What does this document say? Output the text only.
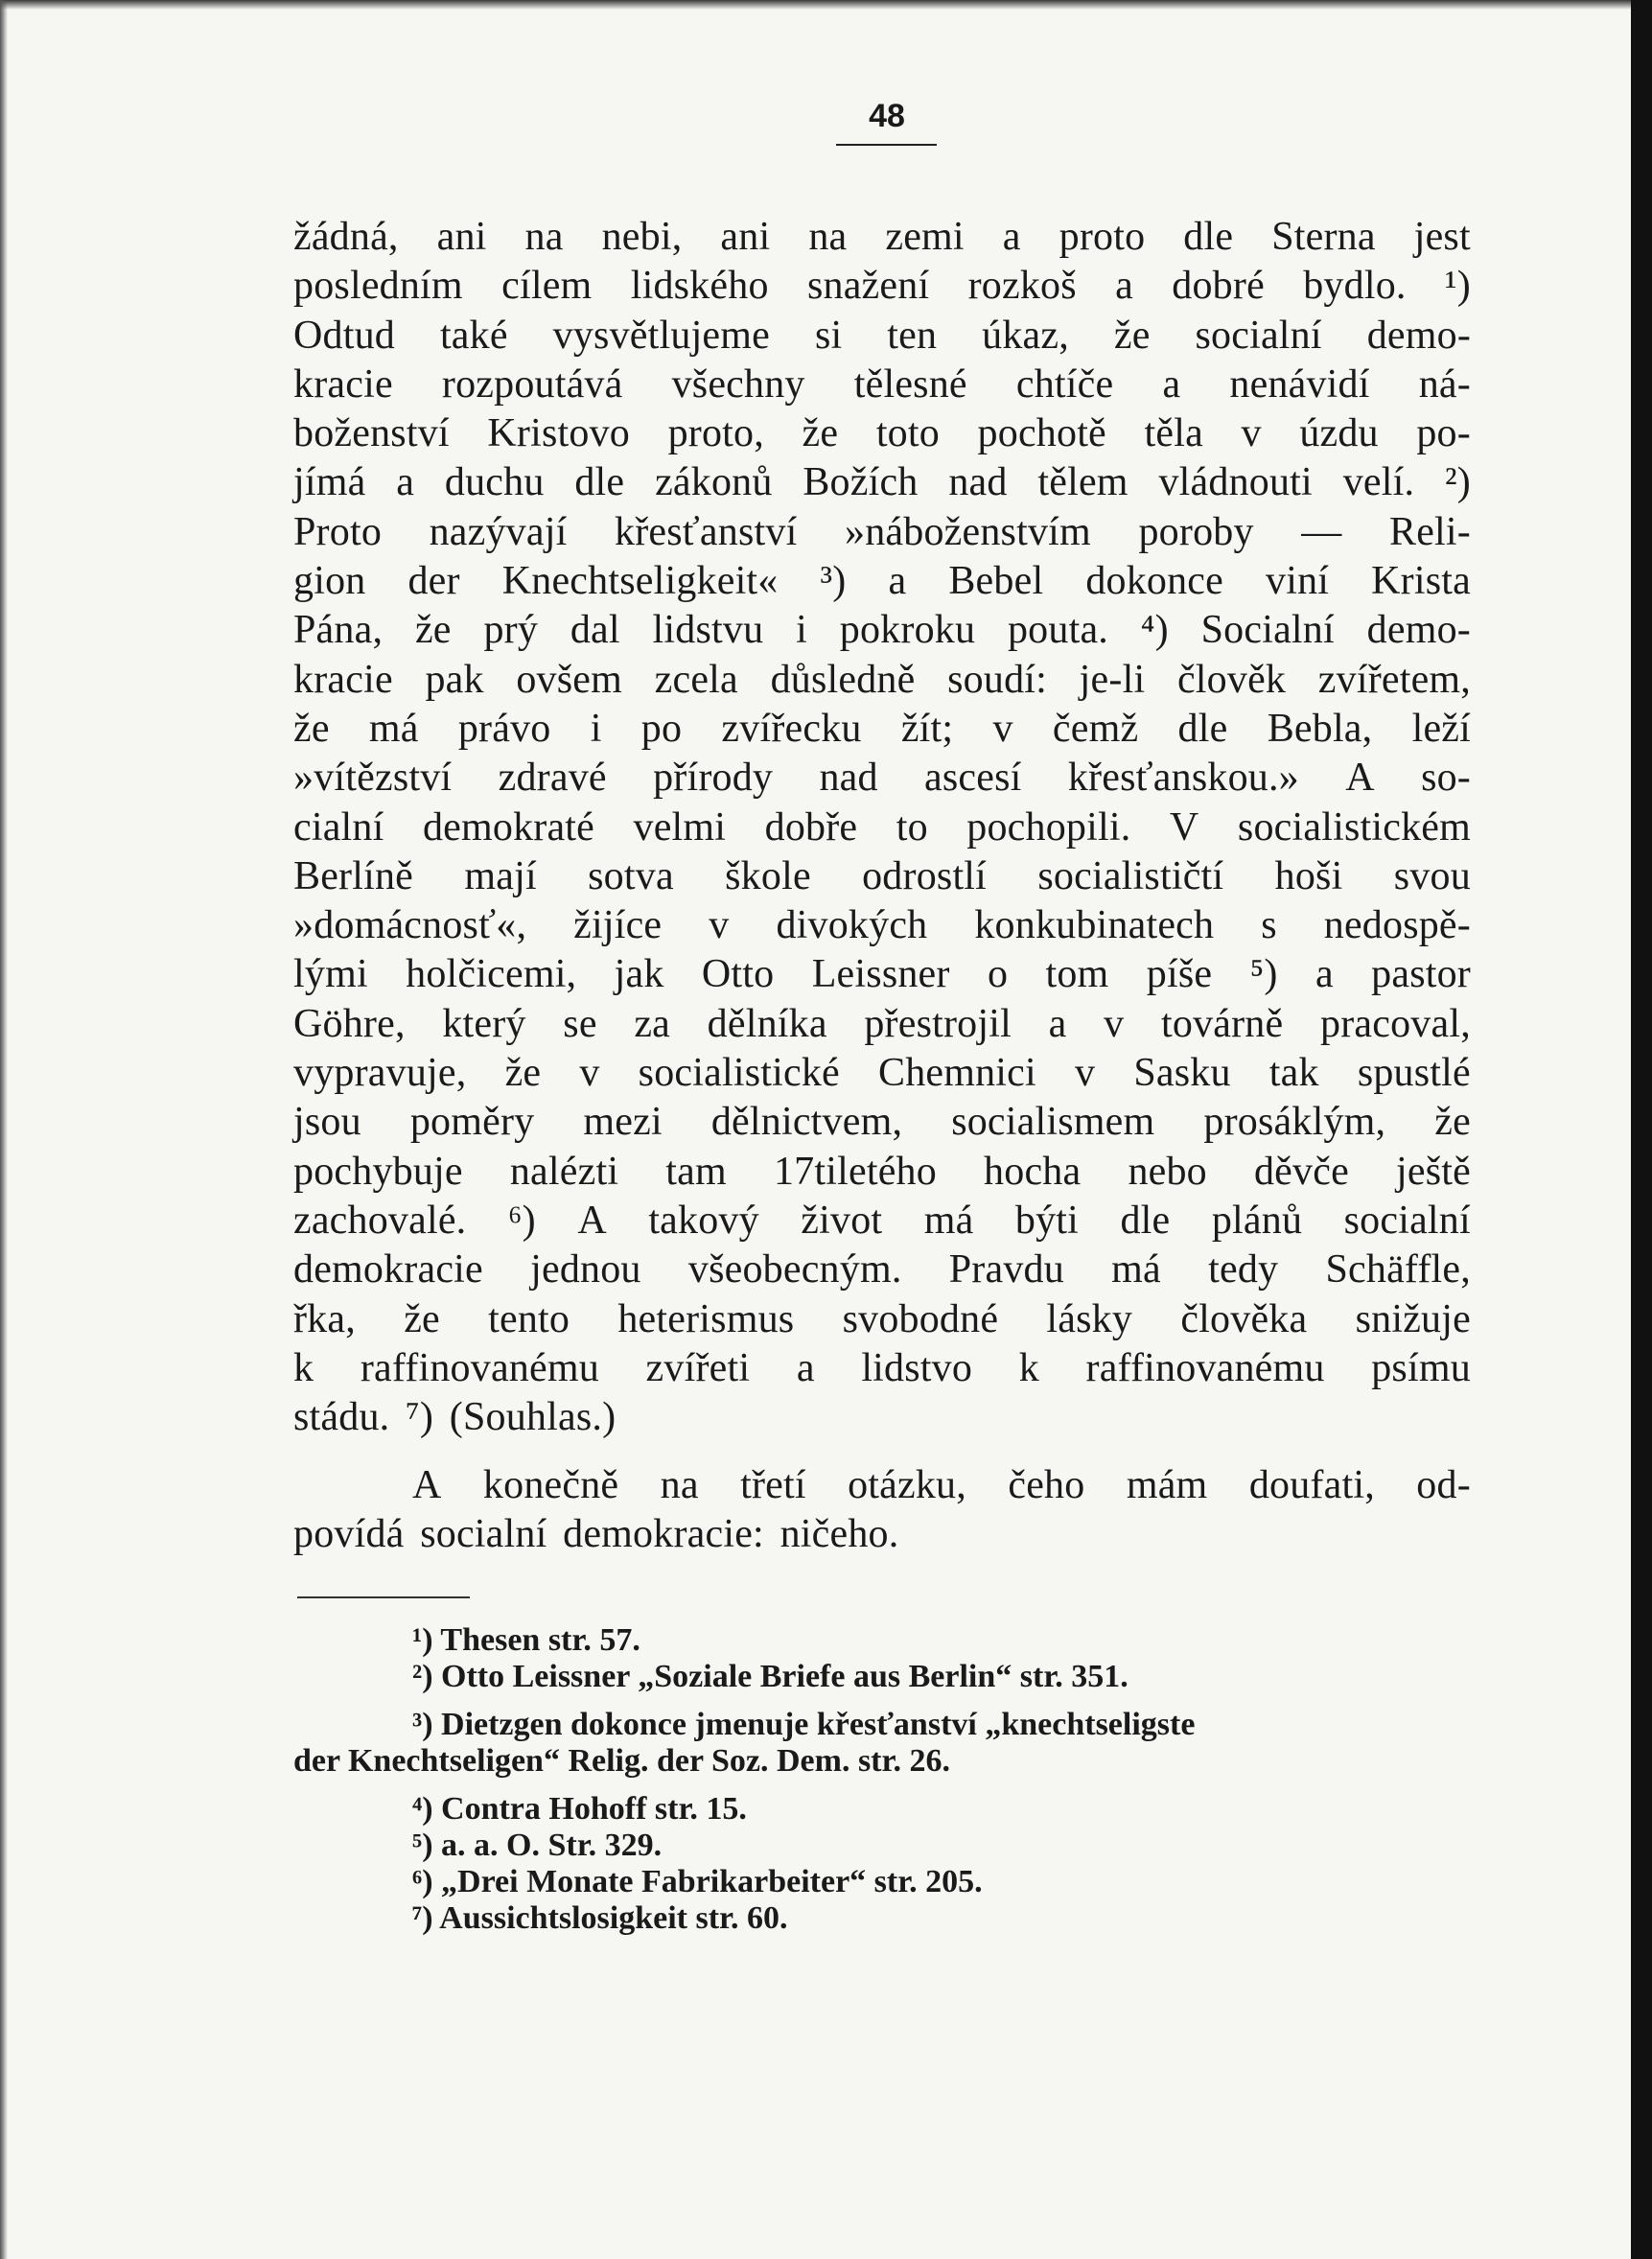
48
žádná, ani na nebi, ani na zemi a proto dle Sterna jest
posledním cílem lidského snažení rozkoš a dobré bydlo. ¹)
Odtud také vysvětlujeme si ten úkaz, že socialní demo-
kracie rozpoutává všechny tělesné chtíče a nenávidí ná-
boženství Kristovo proto, že toto pochotě těla v úzdu po-
jímá a duchu dle zákonů Božích nad tělem vládnouti velí. ²)
Proto nazývají křesťanství »náboženstvím poroby — Reli-
gion der Knechtseligkeit« ³) a Bebel dokonce viní Krista
Pána, že prý dal lidstvu i pokroku pouta. ⁴) Socialní demo-
kracie pak ovšem zcela důsledně soudí: je-li člověk zvířetem,
že má právo i po zvířecku žít; v čemž dle Bebla, leží
»vítězství zdravé přírody nad ascesí křesťanskou.» A so-
cialní demokraté velmi dobře to pochopili. V socialistickém
Berlíně mají sotva škole odrostlí socialističtí hoši svou
»domácnosť«, žijíce v divokých konkubinatech s nedospě-
lými holčicemi, jak Otto Leissner o tom píše ⁵) a pastor
Göhre, který se za dělníka přestrojil a v továrně pracoval,
vypravuje, že v socialistické Chemnici v Sasku tak spustlé
jsou poměry mezi dělnictvem, socialismem prosáklým, že
pochybuje nalézti tam 17tiletého hocha nebo děvče ještě
zachovalé. ⁶) A takový život má býti dle plánů socialní
demokracie jednou všeobecným. Pravdu má tedy Schäffle,
řka, že tento heterismus svobodné lásky člověka snižuje
k raffinovanému zvířeti a lidstvo k raffinovanému psímu
stádu. ⁷) (Souhlas.)
A konečně na třetí otázku, čeho mám doufati, od-
povídá socialní demokracie: ničeho.
¹) Thesen str. 57.
²) Otto Leissner „Soziale Briefe aus Berlin“ str. 351.
³) Dietzgen dokonce jmenuje křesťanství „knechtseligste
der Knechtseligen“ Relig. der Soz. Dem. str. 26.
⁴) Contra Hohoff str. 15.
⁵) a. a. O. Str. 329.
⁶) „Drei Monate Fabrikarbeiter“ str. 205.
⁷) Aussichtslosigkeit str. 60.
